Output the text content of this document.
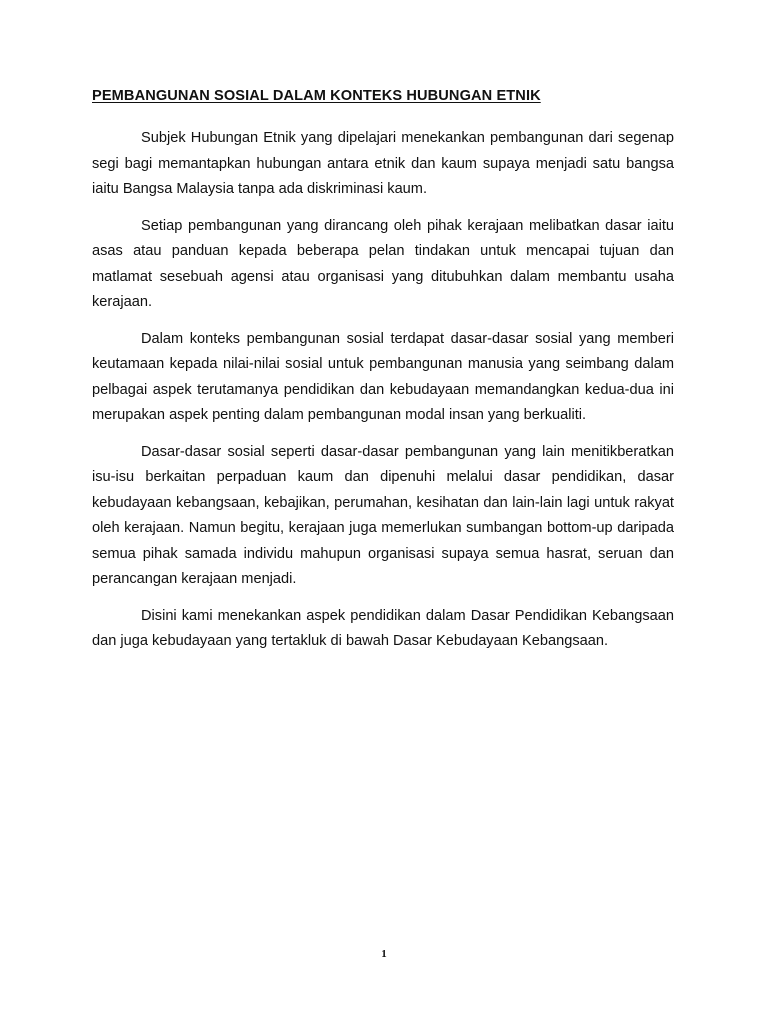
PEMBANGUNAN SOSIAL DALAM KONTEKS HUBUNGAN ETNIK

Subjek Hubungan Etnik yang dipelajari menekankan pembangunan dari segenap segi bagi memantapkan hubungan antara etnik dan kaum supaya menjadi satu bangsa iaitu Bangsa Malaysia tanpa ada diskriminasi kaum.

Setiap pembangunan yang dirancang oleh pihak kerajaan melibatkan dasar iaitu asas atau panduan kepada beberapa pelan tindakan untuk mencapai tujuan dan matlamat sesebuah agensi atau organisasi yang ditubuhkan dalam membantu usaha kerajaan.

Dalam konteks pembangunan sosial terdapat dasar-dasar sosial yang memberi keutamaan kepada nilai-nilai sosial untuk pembangunan manusia yang seimbang dalam pelbagai aspek terutamanya pendidikan dan kebudayaan memandangkan kedua-dua ini merupakan aspek penting dalam pembangunan modal insan yang berkualiti.

Dasar-dasar sosial seperti dasar-dasar pembangunan yang lain menitikberatkan isu-isu berkaitan perpaduan kaum dan dipenuhi melalui dasar pendidikan, dasar kebudayaan kebangsaan, kebajikan, perumahan, kesihatan dan lain-lain lagi untuk rakyat oleh kerajaan. Namun begitu, kerajaan juga memerlukan sumbangan bottom-up daripada semua pihak samada individu mahupun organisasi supaya semua hasrat, seruan dan perancangan kerajaan menjadi.

Disini kami menekankan aspek pendidikan dalam Dasar Pendidikan Kebangsaan dan juga kebudayaan yang tertakluk di bawah Dasar Kebudayaan Kebangsaan.

1
